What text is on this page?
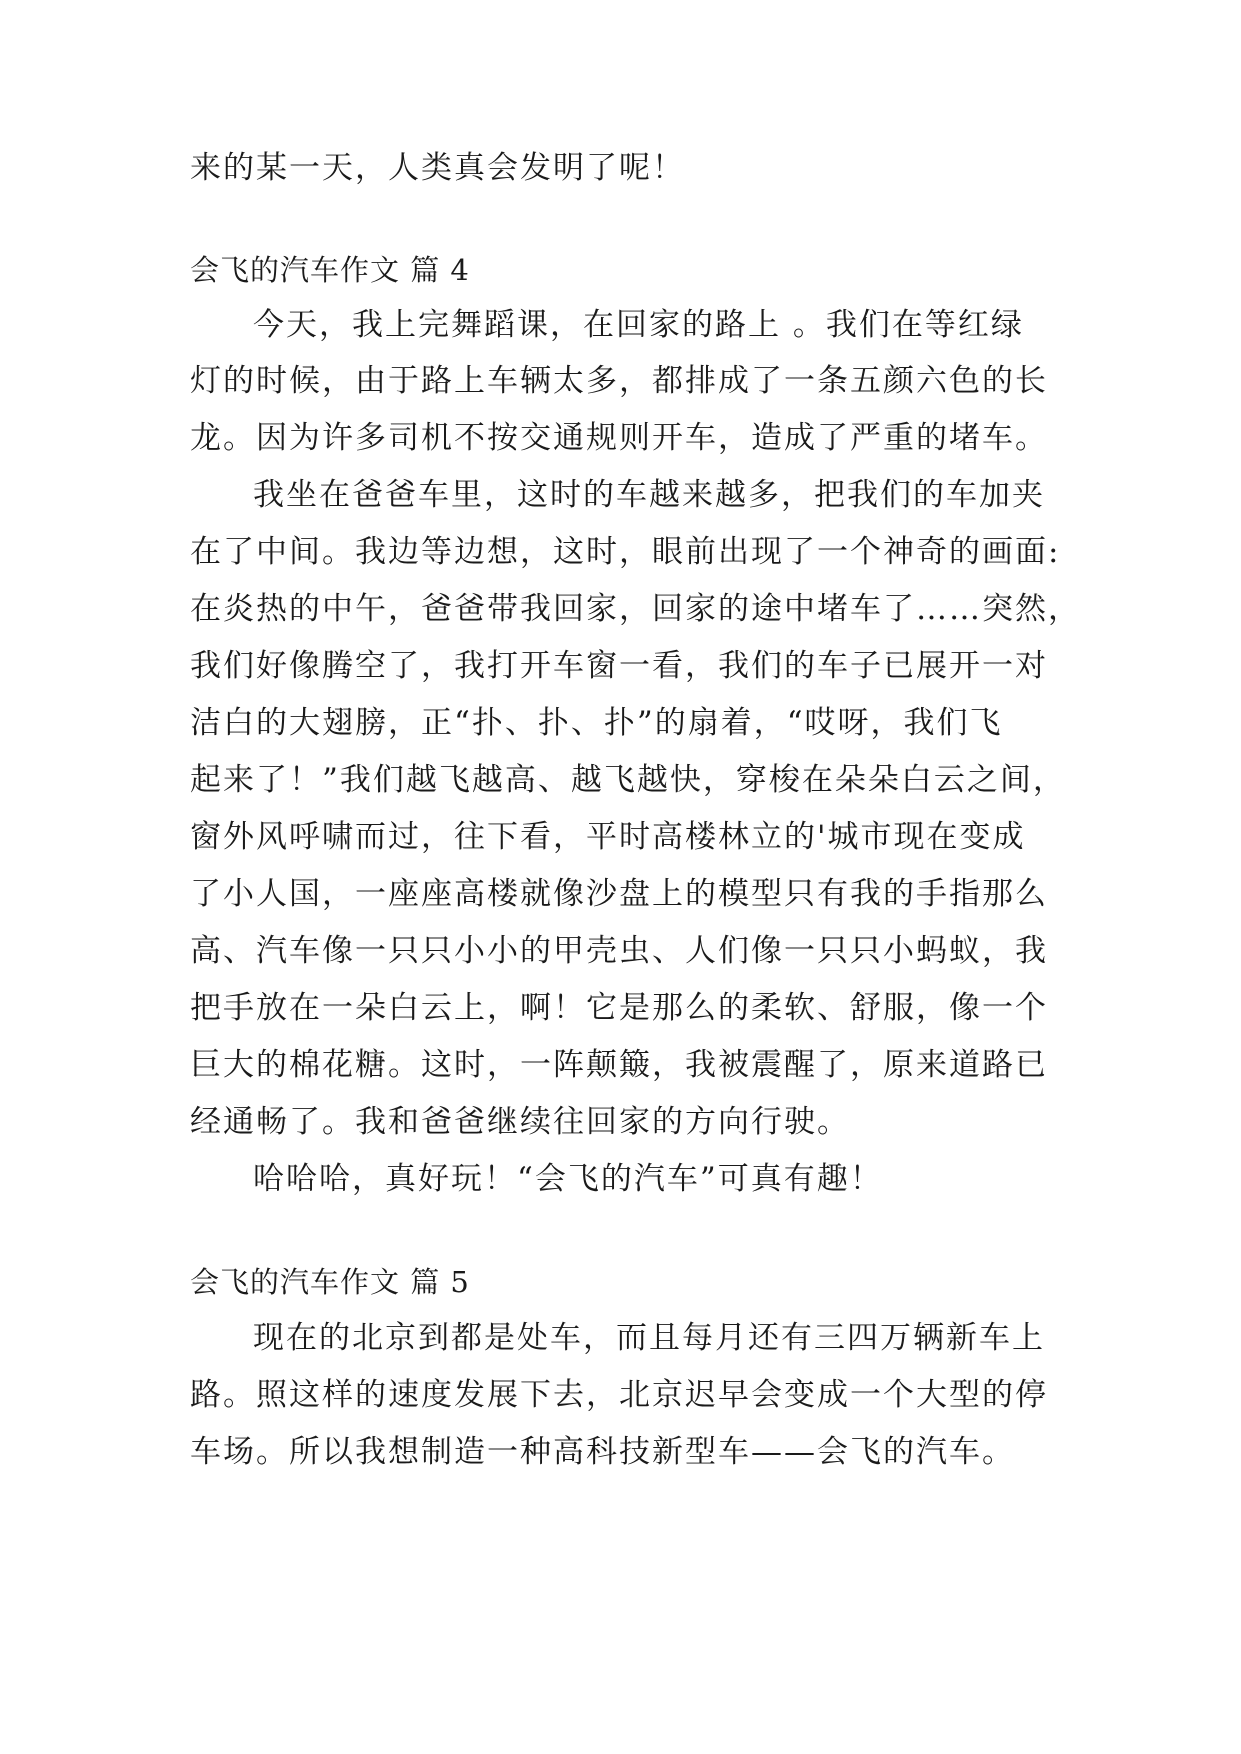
来的某一天，人类真会发明了呢！

会飞的汽车作文 篇 4

今天，我上完舞蹈课，在回家的路上 。我们在等红绿

灯的时候，由于路上车辆太多，都排成了一条五颜六色的长

龙。因为许多司机不按交通规则开车，造成了严重的堵车。

我坐在爸爸车里，这时的车越来越多，把我们的车加夹

在了中间。我边等边想，这时，眼前出现了一个神奇的画面:

在炎热的中午，爸爸带我回家，回家的途中堵车了……突然，

我们好像腾空了，我打开车窗一看，我们的车子已展开一对

洁白的大翅膀，正“扑、扑、扑”的扇着，“哎呀，我们飞

起来了！”我们越飞越高、越飞越快，穿梭在朵朵白云之间，

窗外风呼啸而过，往下看，平时高楼林立的'城市现在变成

了小人国，一座座高楼就像沙盘上的模型只有我的手指那么

高、汽车像一只只小小的甲壳虫、人们像一只只小蚂蚁，我

把手放在一朵白云上，啊！它是那么的柔软、舒服，像一个

巨大的棉花糖。这时，一阵颠簸，我被震醒了，原来道路已

经通畅了。我和爸爸继续往回家的方向行驶。

哈哈哈，真好玩！“会飞的汽车”可真有趣！

会飞的汽车作文 篇 5

现在的北京到都是处车，而且每月还有三四万辆新车上

路。照这样的速度发展下去，北京迟早会变成一个大型的停

车场。所以我想制造一种高科技新型车——会飞的汽车。
